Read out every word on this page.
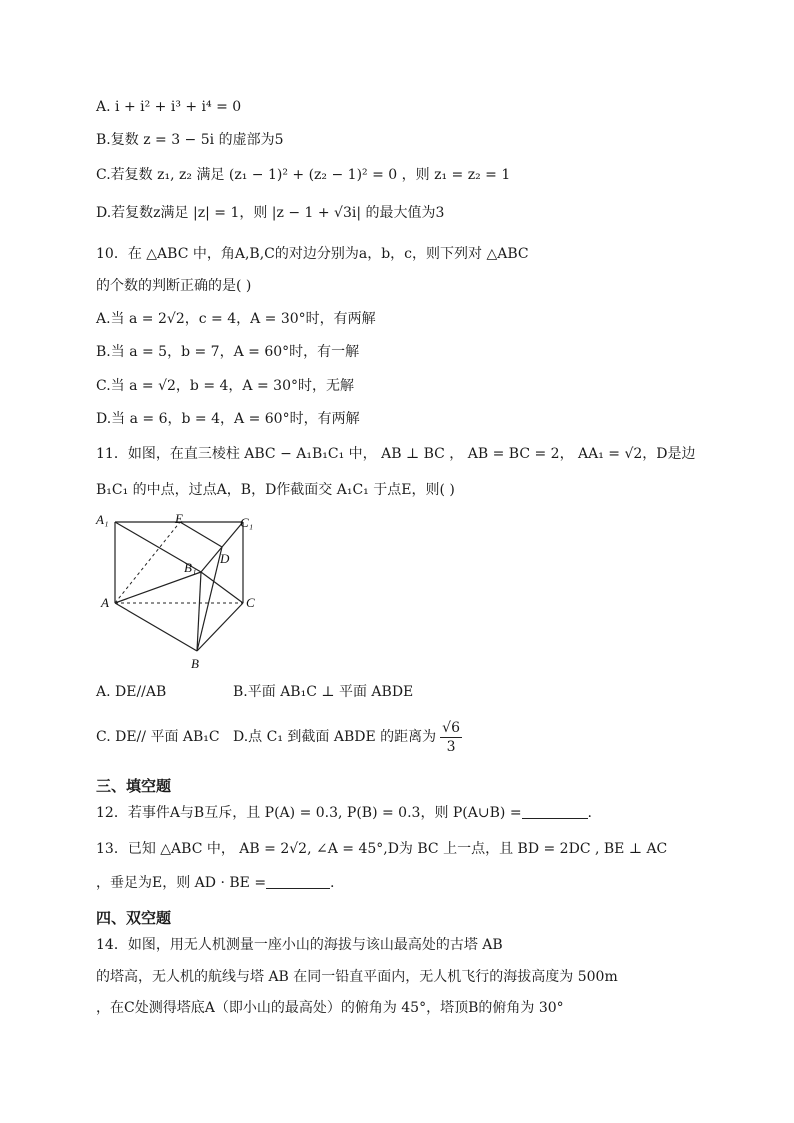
A. i + i² + i³ + i⁴ = 0
B.复数 z = 3 − 5i 的虚部为5
C.若复数 z₁, z₂ 满足 (z₁ − 1)² + (z₂ − 1)² = 0 ，则 z₁ = z₂ = 1
D.若复数z满足 |z| = 1，则 |z − 1 + √3i| 的最大值为3
10．在 △ABC 中，角A,B,C的对边分别为a，b，c，则下列对 △ABC
的个数的判断正确的是( )
A.当 a = 2√2，c = 4，A = 30°时，有两解
B.当 a = 5，b = 7，A = 60°时，有一解
C.当 a = √2，b = 4，A = 30°时，无解
D.当 a = 6，b = 4，A = 60°时，有两解
11．如图，在直三棱柱 ABC − A₁B₁C₁ 中， AB ⊥ BC ， AB = BC = 2， AA₁ = √2，D是边
B₁C₁ 的中点，过点A，B，D作截面交 A₁C₁ 于点E，则( )
A₁	E	C₁
B₁
D
A	C
B
A. DE//AB	B.平面 AB₁C ⊥ 平面 ABDE
C. DE// 平面 AB₁C D.点 C₁ 到截面 ABDE 的距离为 $\frac{√6}{3}$
三、填空题
12．若事件A与B互斥，且 P(A) = 0.3, P(B) = 0.3，则 P(A∪B) =	.
13．已知 △ABC 中， AB = 2√2, ∠A = 45°,D为 BC 上一点，且 BD = 2DC , BE ⊥ AC
，垂足为E，则 AD · BE =	.
四、双空题
14．如图，用无人机测量一座小山的海拔与该山最高处的古塔 AB
的塔高，无人机的航线与塔 AB 在同一铅直平面内，无人机飞行的海拔高度为 500m
，在C处测得塔底A（即小山的最高处）的俯角为 45°，塔顶B的俯角为 30°
